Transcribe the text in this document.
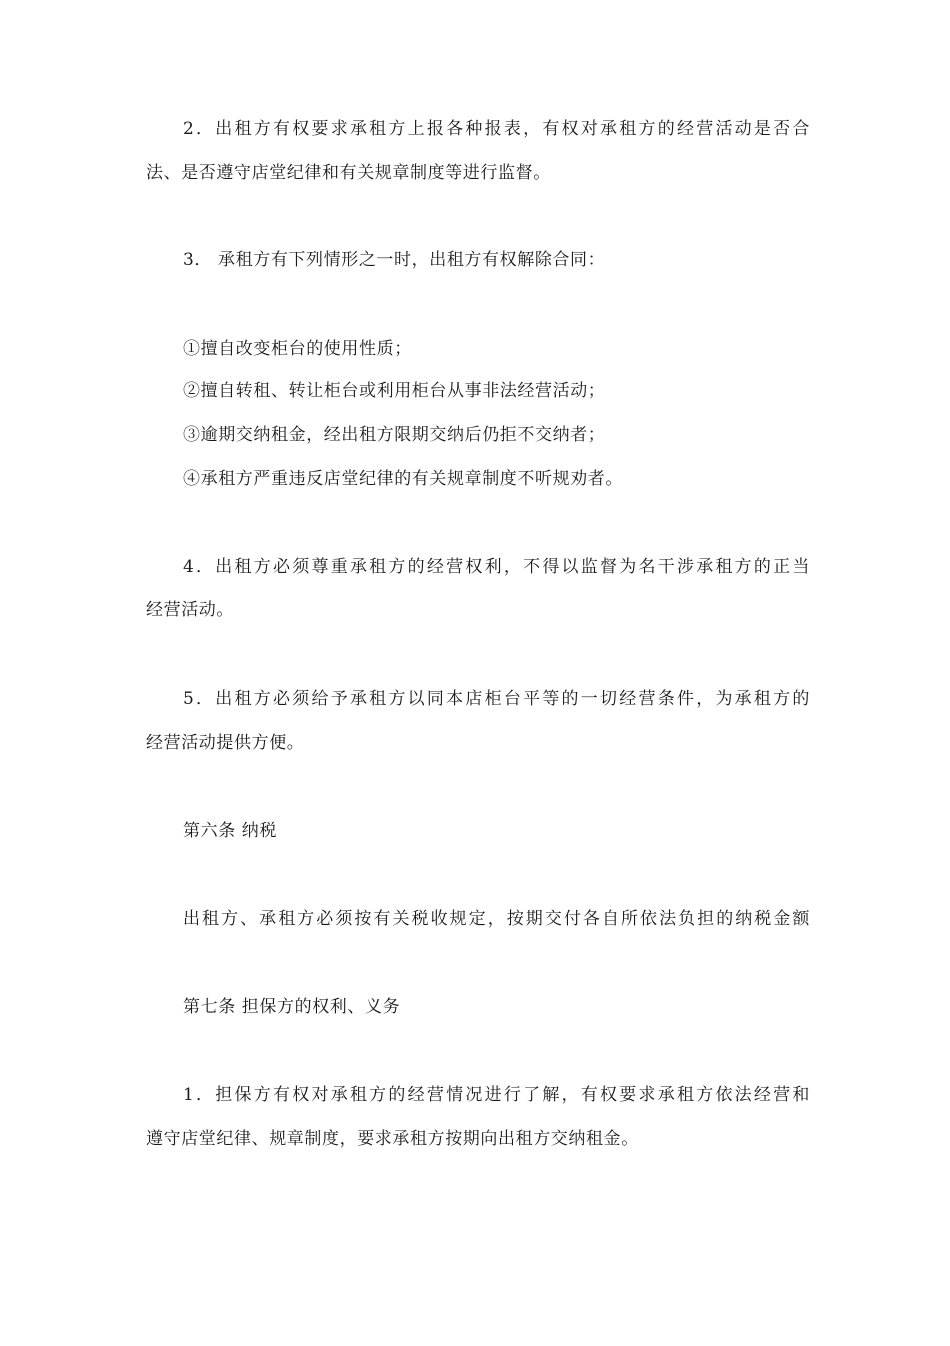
2．出租方有权要求承租方上报各种报表，有权对承租方的经营活动是否合
法、是否遵守店堂纪律和有关规章制度等进行监督。
3． 承租方有下列情形之一时，出租方有权解除合同：
①擅自改变柜台的使用性质；
②擅自转租、转让柜台或利用柜台从事非法经营活动；
③逾期交纳租金，经出租方限期交纳后仍拒不交纳者；
④承租方严重违反店堂纪律的有关规章制度不听规劝者。
4．出租方必须尊重承租方的经营权利，不得以监督为名干涉承租方的正当
经营活动。
5．出租方必须给予承租方以同本店柜台平等的一切经营条件，为承租方的
经营活动提供方便。
第六条 纳税
出租方、承租方必须按有关税收规定，按期交付各自所依法负担的纳税金额
第七条 担保方的权利、义务
1．担保方有权对承租方的经营情况进行了解，有权要求承租方依法经营和
遵守店堂纪律、规章制度，要求承租方按期向出租方交纳租金。
